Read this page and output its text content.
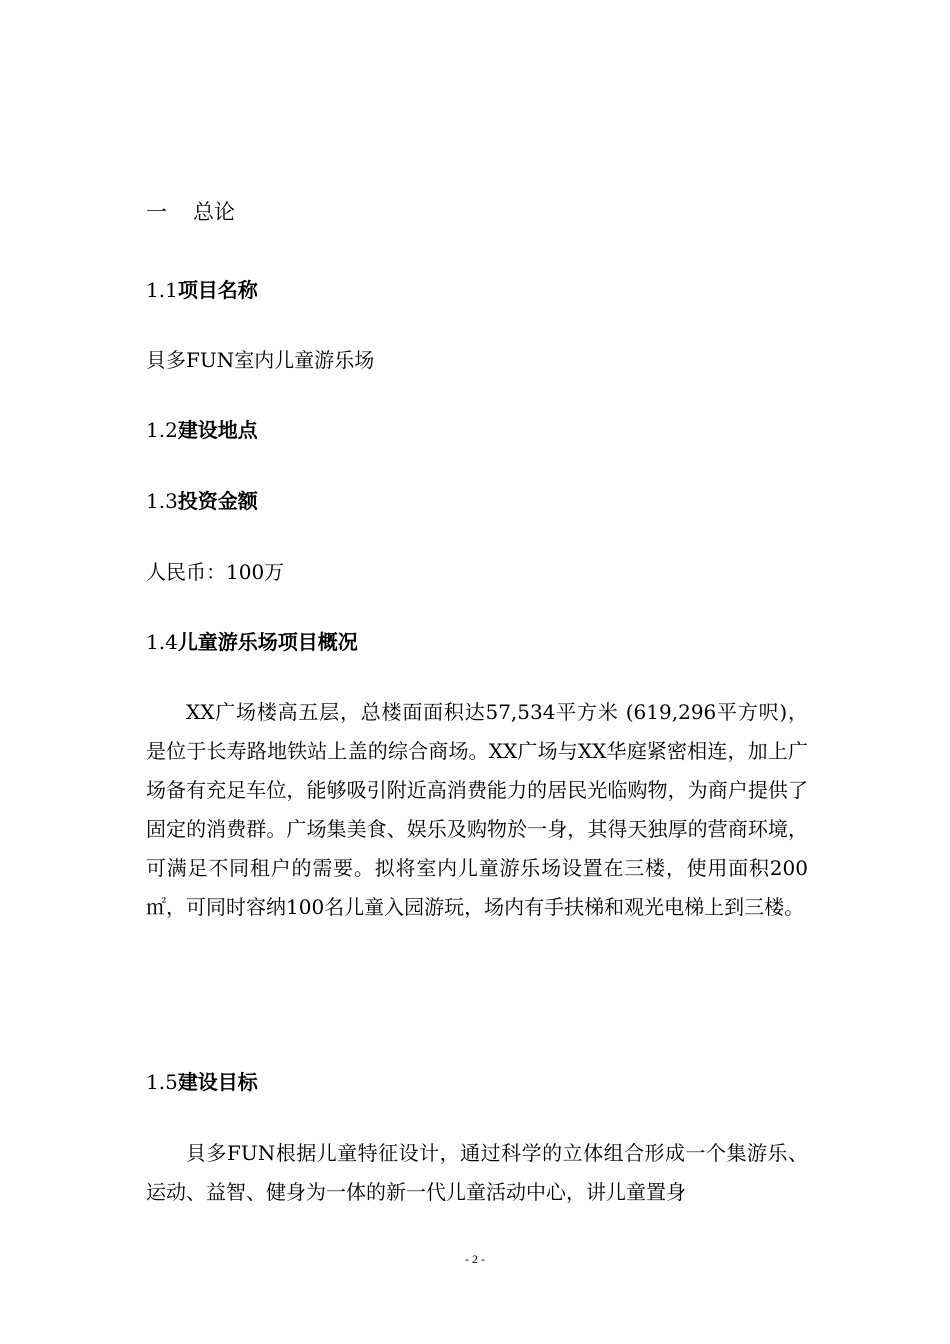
一 总论
1.1项目名称
貝多FUN室内儿童游乐场
1.2建设地点
1.3投资金额
人民币：100万
1.4儿童游乐场项目概况

XX广场楼高五层，总楼面面积达57,534平方米 (619,296平方呎)，是位于长寿路地铁站上盖的综合商场。XX广场与XX华庭紧密相连，加上广场备有充足车位，能够吸引附近高消费能力的居民光临购物，为商户提供了固定的消费群。广场集美食、娱乐及购物於一身，其得天独厚的营商环境，可满足不同租户的需要。拟将室内儿童游乐场设置在三楼，使用面积200㎡，可同时容纳100名儿童入园游玩，场内有手扶梯和观光电梯上到三楼。

1.5建设目标

貝多FUN根据儿童特征设计，通过科学的立体组合形成一个集游乐、运动、益智、健身为一体的新一代儿童活动中心，讲儿童置身

- 2 -
